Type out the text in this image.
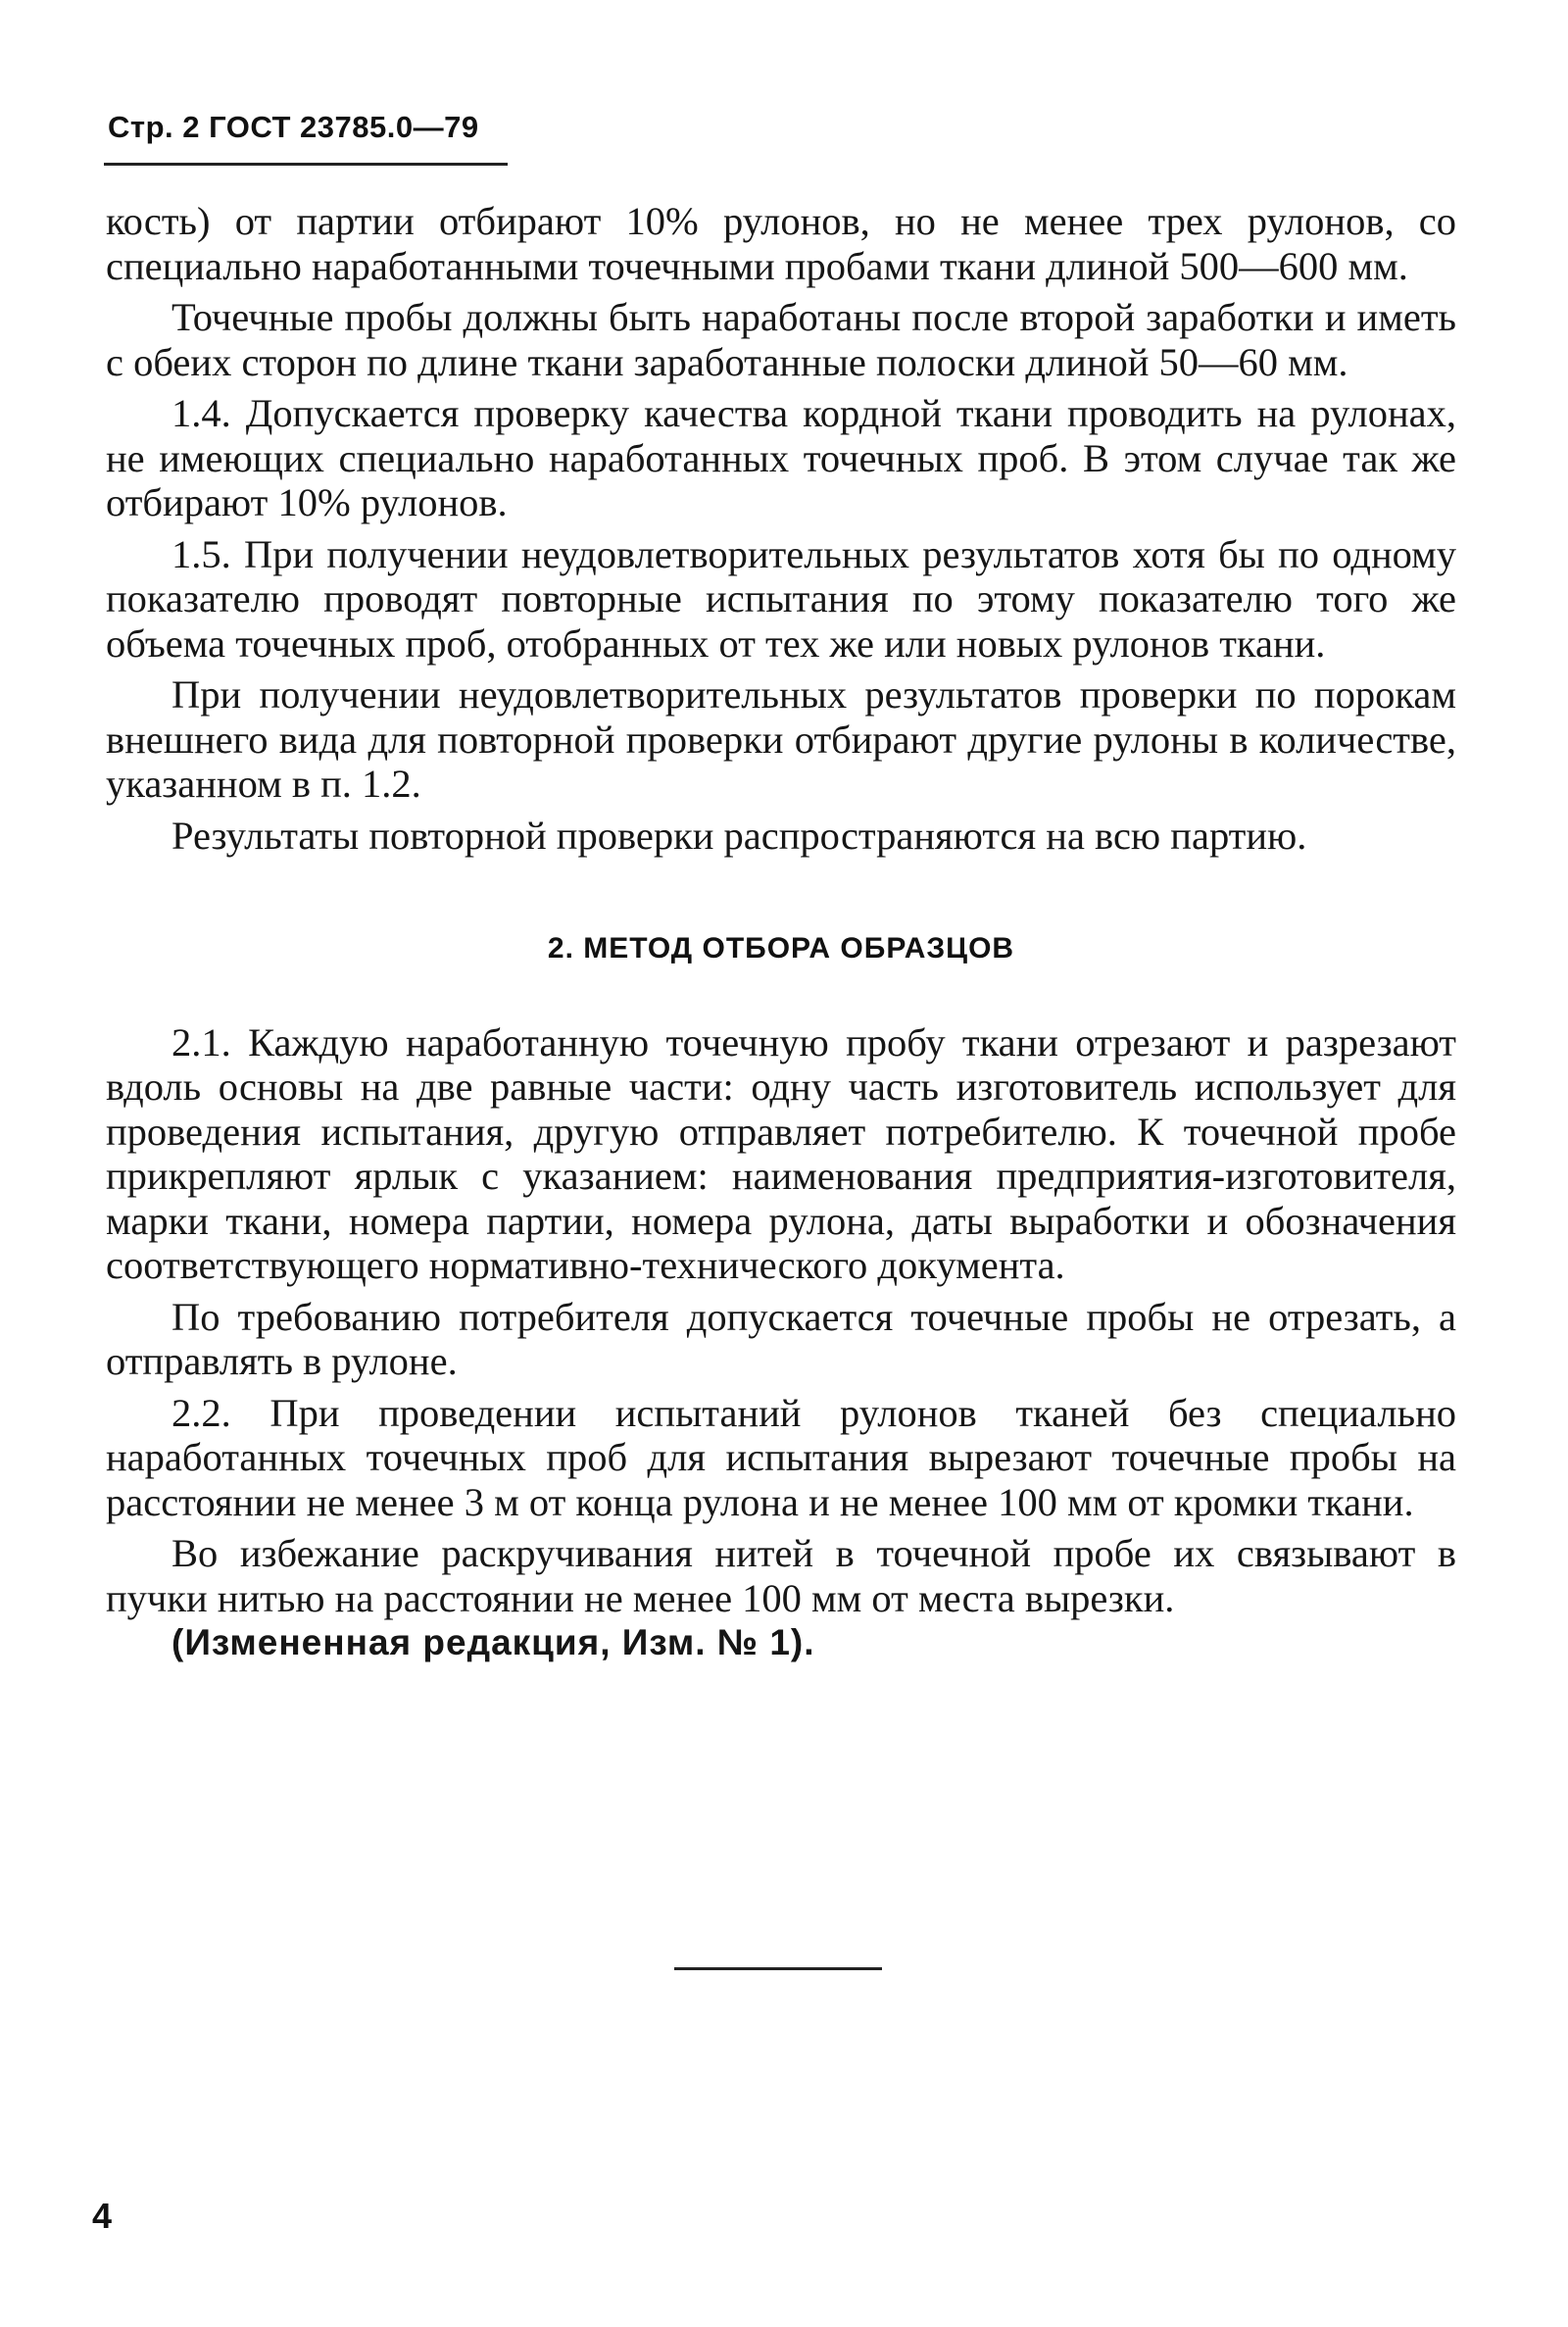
Стр. 2 ГОСТ 23785.0—79

кость) от партии отбирают 10% рулонов, но не менее трех рулонов, со специально наработанными точечными пробами ткани длиной 500—600 мм.

Точечные пробы должны быть наработаны после второй заработки и иметь с обеих сторон по длине ткани заработанные полоски длиной 50—60 мм.

1.4. Допускается проверку качества кордной ткани проводить на рулонах, не имеющих специально наработанных точечных проб. В этом случае так же отбирают 10% рулонов.

1.5. При получении неудовлетворительных результатов хотя бы по одному показателю проводят повторные испытания по этому показателю того же объема точечных проб, отобранных от тех же или новых рулонов ткани.

При получении неудовлетворительных результатов проверки по порокам внешнего вида для повторной проверки отбирают другие рулоны в количестве, указанном в п. 1.2.

Результаты повторной проверки распространяются на всю партию.

2. МЕТОД ОТБОРА ОБРАЗЦОВ

2.1. Каждую наработанную точечную пробу ткани отрезают и разрезают вдоль основы на две равные части: одну часть изготовитель использует для проведения испытания, другую отправляет потребителю. К точечной пробе прикрепляют ярлык с указанием: наименования предприятия-изготовителя, марки ткани, номера партии, номера рулона, даты выработки и обозначения соответствующего нормативно-технического документа.

По требованию потребителя допускается точечные пробы не отрезать, а отправлять в рулоне.

2.2. При проведении испытаний рулонов тканей без специально наработанных точечных проб для испытания вырезают точечные пробы на расстоянии не менее 3 м от конца рулона и не менее 100 мм от кромки ткани.

Во избежание раскручивания нитей в точечной пробе их связывают в пучки нитью на расстоянии не менее 100 мм от места вырезки.

(Измененная редакция, Изм. № 1).

4
